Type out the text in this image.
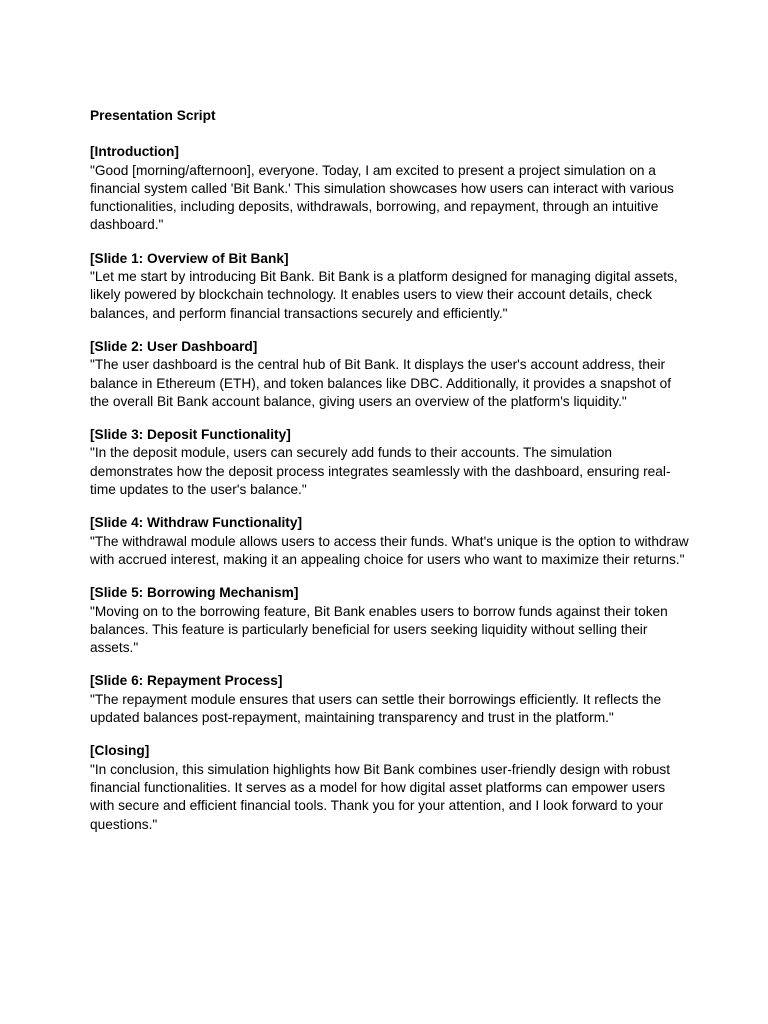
Presentation Script

[Introduction]

"Good [morning/afternoon], everyone. Today, I am excited to present a project simulation on a financial system called 'Bit Bank.' This simulation showcases how users can interact with various functionalities, including deposits, withdrawals, borrowing, and repayment, through an intuitive dashboard."

[Slide 1: Overview of Bit Bank]

"Let me start by introducing Bit Bank. Bit Bank is a platform designed for managing digital assets, likely powered by blockchain technology. It enables users to view their account details, check balances, and perform financial transactions securely and efficiently."

[Slide 2: User Dashboard]

"The user dashboard is the central hub of Bit Bank. It displays the user's account address, their balance in Ethereum (ETH), and token balances like DBC. Additionally, it provides a snapshot of the overall Bit Bank account balance, giving users an overview of the platform's liquidity."

[Slide 3: Deposit Functionality]

"In the deposit module, users can securely add funds to their accounts. The simulation demonstrates how the deposit process integrates seamlessly with the dashboard, ensuring real-time updates to the user's balance."

[Slide 4: Withdraw Functionality]

"The withdrawal module allows users to access their funds. What's unique is the option to withdraw with accrued interest, making it an appealing choice for users who want to maximize their returns."

[Slide 5: Borrowing Mechanism]

"Moving on to the borrowing feature, Bit Bank enables users to borrow funds against their token balances. This feature is particularly beneficial for users seeking liquidity without selling their assets."

[Slide 6: Repayment Process]

"The repayment module ensures that users can settle their borrowings efficiently. It reflects the updated balances post-repayment, maintaining transparency and trust in the platform."

[Closing]

"In conclusion, this simulation highlights how Bit Bank combines user-friendly design with robust financial functionalities. It serves as a model for how digital asset platforms can empower users with secure and efficient financial tools. Thank you for your attention, and I look forward to your questions."
